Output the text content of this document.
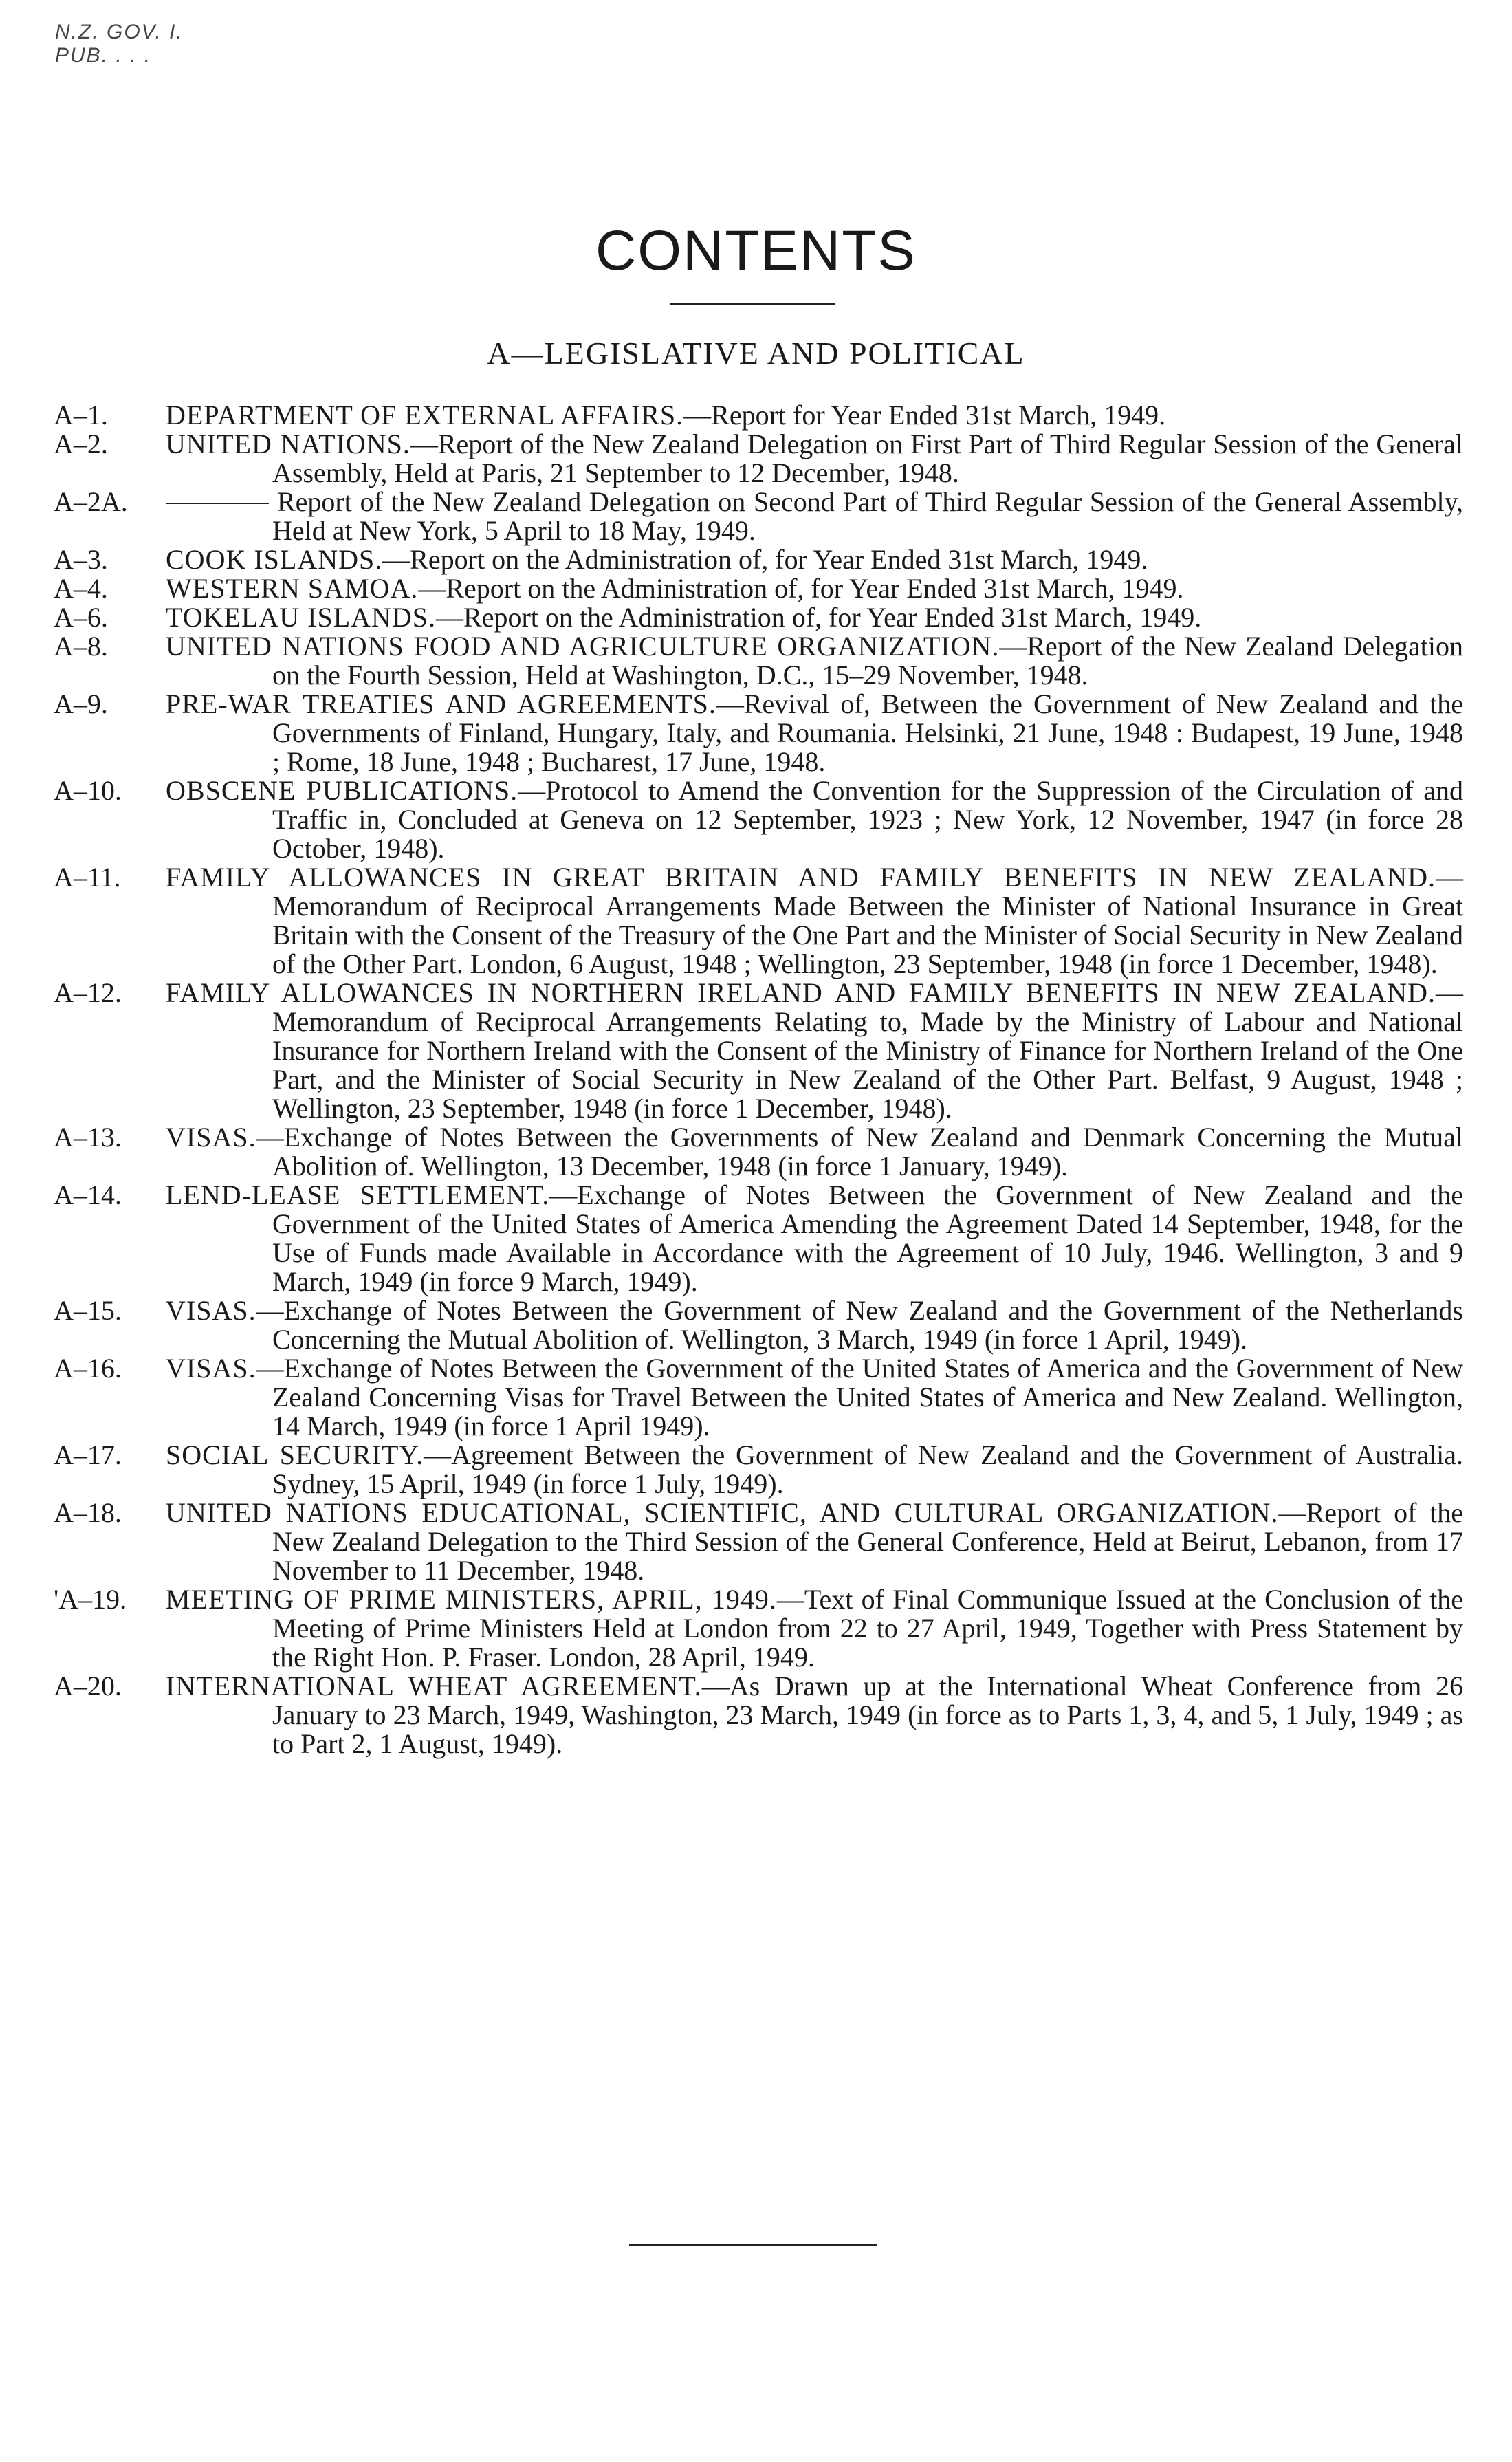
N.Z. GOV. I.
PUB. . . .
CONTENTS
A—LEGISLATIVE AND POLITICAL
A–1.	DEPARTMENT OF EXTERNAL AFFAIRS.—Report for Year Ended 31st March, 1949.
A–2.	UNITED NATIONS.—Report of the New Zealand Delegation on First Part of Third Regular Session of the General Assembly, Held at Paris, 21 September to 12 December, 1948.
A–2A.	Report of the New Zealand Delegation on Second Part of Third Regular Session of the General Assembly, Held at New York, 5 April to 18 May, 1949.
A–3.	COOK ISLANDS.—Report on the Administration of, for Year Ended 31st March, 1949.
A–4.	WESTERN SAMOA.—Report on the Administration of, for Year Ended 31st March, 1949.
A–6.	TOKELAU ISLANDS.—Report on the Administration of, for Year Ended 31st March, 1949.
A–8.	UNITED NATIONS FOOD AND AGRICULTURE ORGANIZATION.—Report of the New Zealand Delegation on the Fourth Session, Held at Washington, D.C., 15–29 November, 1948.
A–9.	PRE-WAR TREATIES AND AGREEMENTS.—Revival of, Between the Government of New Zealand and the Governments of Finland, Hungary, Italy, and Roumania. Helsinki, 21 June, 1948 : Budapest, 19 June, 1948 ; Rome, 18 June, 1948 ; Bucharest, 17 June, 1948.
A–10.	OBSCENE PUBLICATIONS.—Protocol to Amend the Convention for the Suppression of the Circulation of and Traffic in, Concluded at Geneva on 12 September, 1923 ; New York, 12 November, 1947 (in force 28 October, 1948).
A–11.	FAMILY ALLOWANCES IN GREAT BRITAIN AND FAMILY BENEFITS IN NEW ZEALAND.—Memorandum of Reciprocal Arrangements Made Between the Minister of National Insurance in Great Britain with the Consent of the Treasury of the One Part and the Minister of Social Security in New Zealand of the Other Part. London, 6 August, 1948 ; Wellington, 23 September, 1948 (in force 1 December, 1948).
A–12.	FAMILY ALLOWANCES IN NORTHERN IRELAND AND FAMILY BENEFITS IN NEW ZEALAND.—Memorandum of Reciprocal Arrangements Relating to, Made by the Ministry of Labour and National Insurance for Northern Ireland with the Consent of the Ministry of Finance for Northern Ireland of the One Part, and the Minister of Social Security in New Zealand of the Other Part. Belfast, 9 August, 1948 ; Wellington, 23 September, 1948 (in force 1 December, 1948).
A–13.	VISAS.—Exchange of Notes Between the Governments of New Zealand and Denmark Concerning the Mutual Abolition of. Wellington, 13 December, 1948 (in force 1 January, 1949).
A–14.	LEND-LEASE SETTLEMENT.—Exchange of Notes Between the Government of New Zealand and the Government of the United States of America Amending the Agreement Dated 14 September, 1948, for the Use of Funds made Available in Accordance with the Agreement of 10 July, 1946. Wellington, 3 and 9 March, 1949 (in force 9 March, 1949).
A–15.	VISAS.—Exchange of Notes Between the Government of New Zealand and the Government of the Netherlands Concerning the Mutual Abolition of. Wellington, 3 March, 1949 (in force 1 April, 1949).
A–16.	VISAS.—Exchange of Notes Between the Government of the United States of America and the Government of New Zealand Concerning Visas for Travel Between the United States of America and New Zealand. Wellington, 14 March, 1949 (in force 1 April 1949).
A–17.	SOCIAL SECURITY.—Agreement Between the Government of New Zealand and the Government of Australia. Sydney, 15 April, 1949 (in force 1 July, 1949).
A–18.	UNITED NATIONS EDUCATIONAL, SCIENTIFIC, AND CULTURAL ORGANIZATION.—Report of the New Zealand Delegation to the Third Session of the General Conference, Held at Beirut, Lebanon, from 17 November to 11 December, 1948.
'A–19.	MEETING OF PRIME MINISTERS, APRIL, 1949.—Text of Final Communique Issued at the Conclusion of the Meeting of Prime Ministers Held at London from 22 to 27 April, 1949, Together with Press Statement by the Right Hon. P. Fraser. London, 28 April, 1949.
A–20.	INTERNATIONAL WHEAT AGREEMENT.—As Drawn up at the International Wheat Conference from 26 January to 23 March, 1949, Washington, 23 March, 1949 (in force as to Parts 1, 3, 4, and 5, 1 July, 1949 ; as to Part 2, 1 August, 1949).
